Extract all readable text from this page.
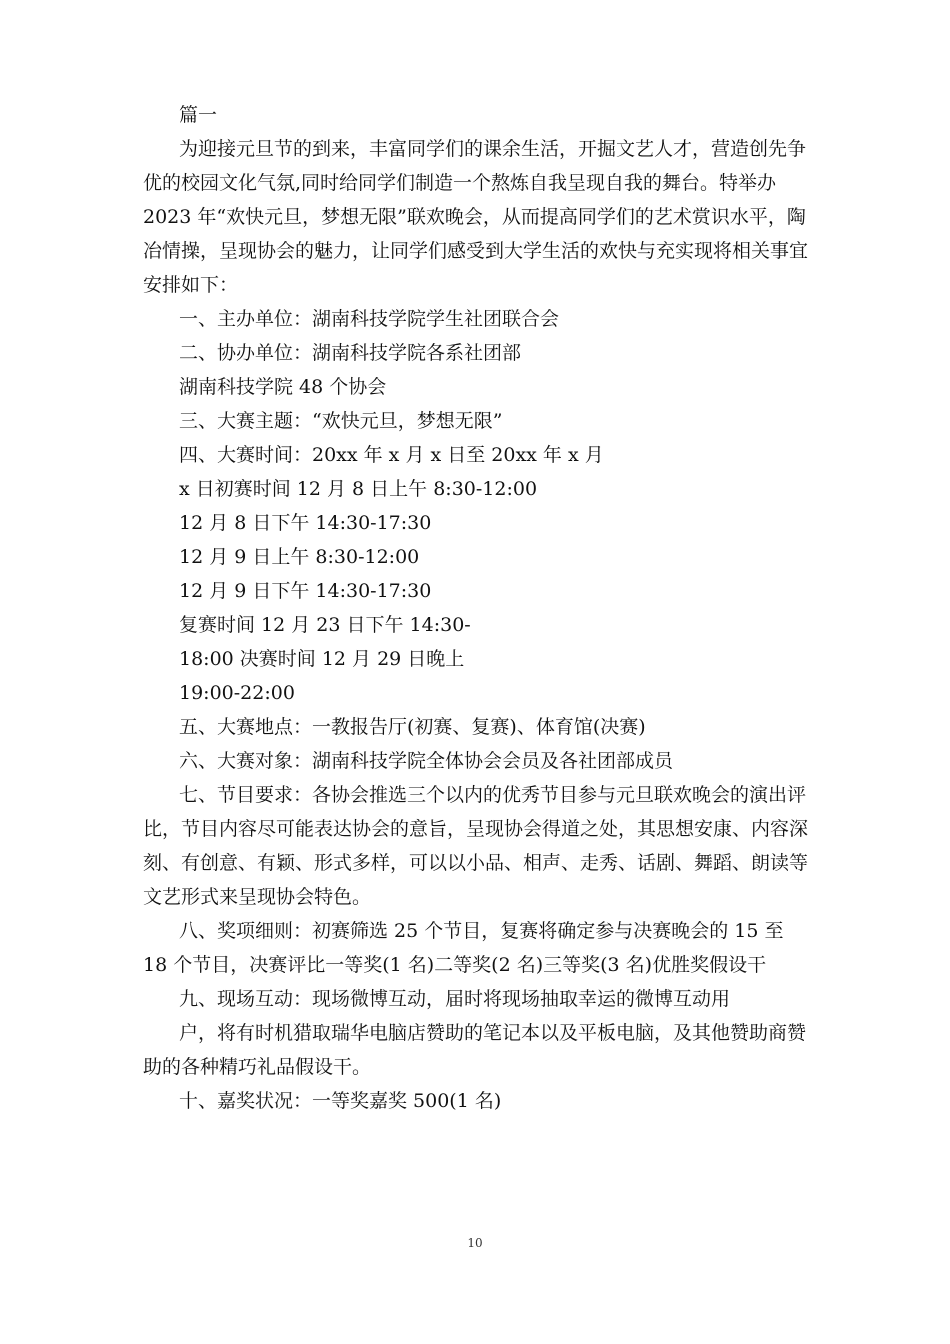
篇一
为迎接元旦节的到来，丰富同学们的课余生活，开掘文艺人才，营造创先争
优的校园文化气氛,同时给同学们制造一个熬炼自我呈现自我的舞台。特举办
2023 年“欢快元旦，梦想无限”联欢晚会，从而提高同学们的艺术赏识水平，陶
冶情操，呈现协会的魅力，让同学们感受到大学生活的欢快与充实现将相关事宜
安排如下：
一、主办单位：湖南科技学院学生社团联合会
二、协办单位：湖南科技学院各系社团部
湖南科技学院 48 个协会
三、大赛主题：“欢快元旦，梦想无限”
四、大赛时间：20xx 年 x 月 x 日至 20xx 年 x 月
x 日初赛时间 12 月 8 日上午 8:30-12:00
12 月 8 日下午 14:30-17:30
12 月 9 日上午 8:30-12:00
12 月 9 日下午 14:30-17:30
复赛时间 12 月 23 日下午 14:30-
18:00 决赛时间 12 月 29 日晚上
19:00-22:00
五、大赛地点：一教报告厅(初赛、复赛)、体育馆(决赛)
六、大赛对象：湖南科技学院全体协会会员及各社团部成员
七、节目要求：各协会推选三个以内的优秀节目参与元旦联欢晚会的演出评
比，节目内容尽可能表达协会的意旨，呈现协会得道之处，其思想安康、内容深
刻、有创意、有颖、形式多样，可以以小品、相声、走秀、话剧、舞蹈、朗读等
文艺形式来呈现协会特色。
八、奖项细则：初赛筛选 25 个节目，复赛将确定参与决赛晚会的 15 至
18 个节目，决赛评比一等奖(1 名)二等奖(2 名)三等奖(3 名)优胜奖假设干
九、现场互动：现场微博互动，届时将现场抽取幸运的微博互动用
户，将有时机猎取瑞华电脑店赞助的笔记本以及平板电脑，及其他赞助商赞
助的各种精巧礼品假设干。
十、嘉奖状况：一等奖嘉奖 500(1 名)
10
